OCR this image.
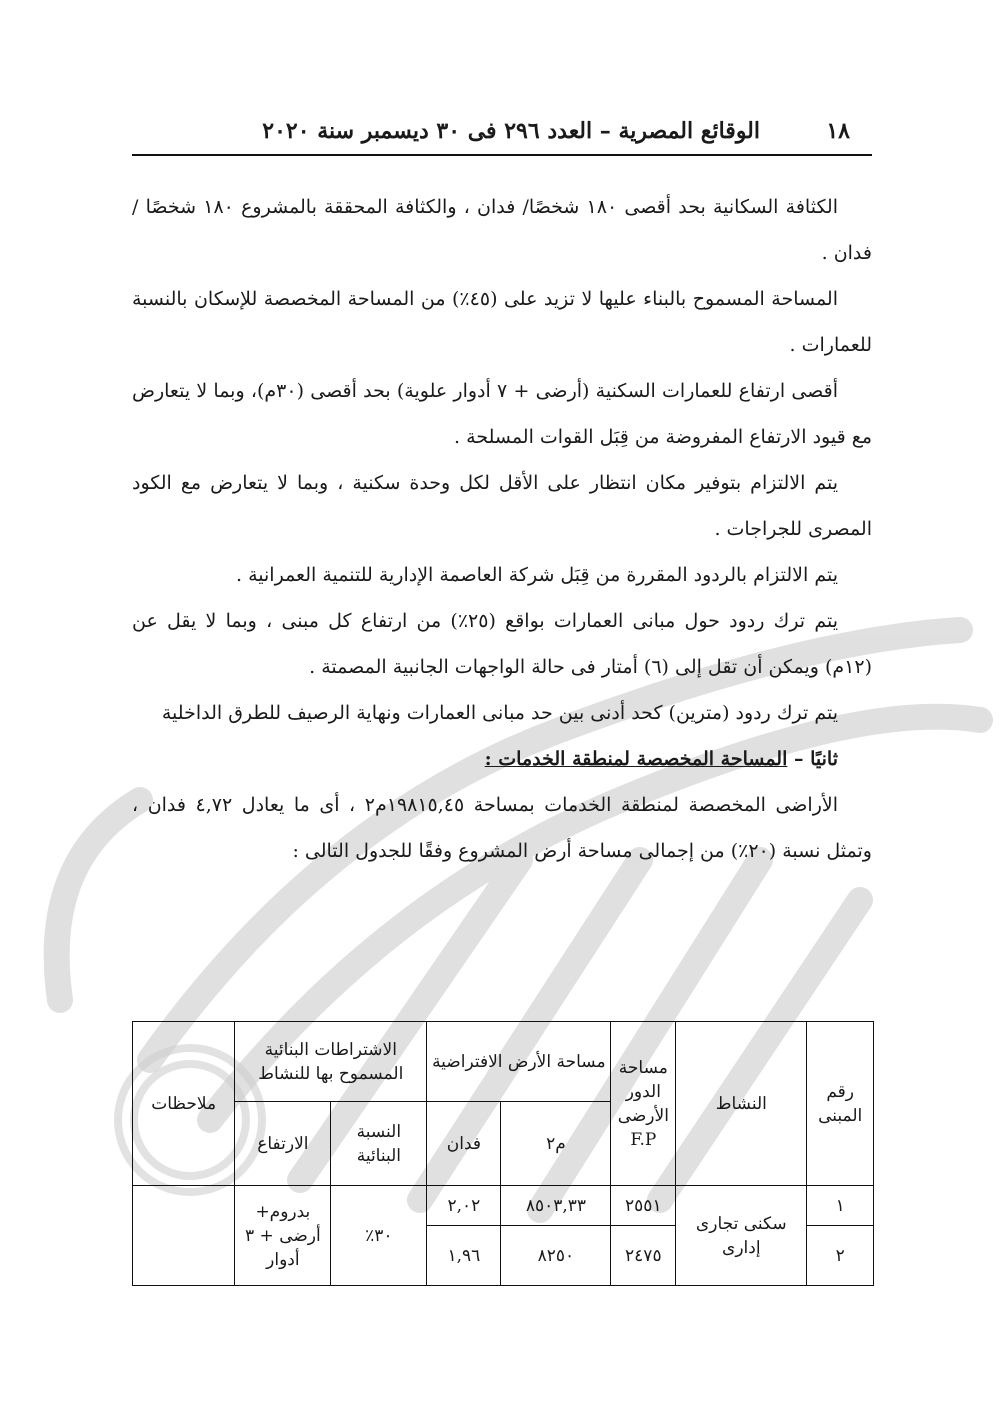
١٨
الوقائع المصرية – العدد ٢٩٦ فى ٣٠ ديسمبر سنة ٢٠٢٠

الكثافة السكانية بحد أقصى ١٨٠ شخصًا/ فدان ، والكثافة المحققة بالمشروع ١٨٠ شخصًا / فدان .

المساحة المسموح بالبناء عليها لا تزيد على (٤٥٪) من المساحة المخصصة للإسكان بالنسبة للعمارات .

أقصى ارتفاع للعمارات السكنية (أرضى + ٧ أدوار علوية) بحد أقصى (٣٠م)، وبما لا يتعارض مع قيود الارتفاع المفروضة من قِبَل القوات المسلحة .

يتم الالتزام بتوفير مكان انتظار على الأقل لكل وحدة سكنية ، وبما لا يتعارض مع الكود المصرى للجراجات .

يتم الالتزام بالردود المقررة من قِبَل شركة العاصمة الإدارية للتنمية العمرانية .

يتم ترك ردود حول مبانى العمارات بواقع (٢٥٪) من ارتفاع كل مبنى ، وبما لا يقل عن (١٢م) ويمكن أن تقل إلى (٦) أمتار فى حالة الواجهات الجانبية المصمتة .

يتم ترك ردود (مترين) كحد أدنى بين حد مبانى العمارات ونهاية الرصيف للطرق الداخلية

ثانيًا – المساحة المخصصة لمنطقة الخدمات :

الأراضى المخصصة لمنطقة الخدمات بمساحة ١٩٨١٥,٤٥م٢ ، أى ما يعادل ٤,٧٢ فدان ، وتمثل نسبة (٢٠٪) من إجمالى مساحة أرض المشروع وفقًا للجدول التالى :

رقم المبنى	النشاط	مساحة الدور الأرضى F.P	مساحة الأرض الافتراضية		الاشتراطات البنائية المسموح بها للنشاط		ملاحظات
			م٢	فدان	النسبة البنائية	الارتفاع	
١	سكنى تجارى إدارى	٢٥٥١	٨٥٠٣,٣٣	٢,٠٢	٣٠٪	بدروم+ أرضى + ٣ أدوار	
٢		٢٤٧٥	٨٢٥٠	١,٩٦			
